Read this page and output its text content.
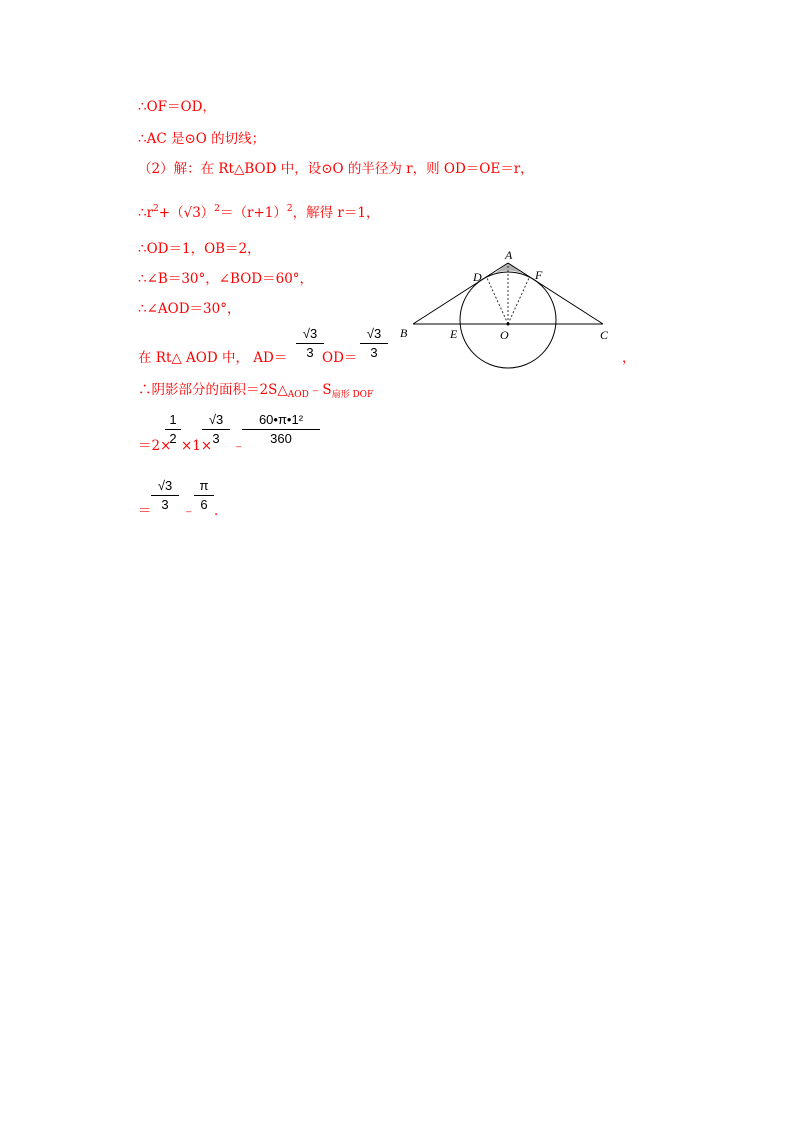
∴OF＝OD，
∴AC 是⊙O 的切线；
（2）解：在 Rt△BOD 中，设⊙O 的半径为 r，则 OD＝OE＝r，
$\therefore r^2+(√3)^2=(r+1)^2$，解得 r＝1，
∴OD＝1，OB＝2，
∴∠B＝30°，∠BOD＝60°，
∴∠AOD＝30°，
在 Rt△ AOD 中， AD＝
√3
3 OD＝
√3
3	，
∴阴影部分的面积$=2S\triangle_{AOD}﹣S_{扇形 DOF}$
＝2×
1
2 ×1×
√3
3 ﹣
60•π•1²
360
＝
√3
3 ﹣
π
6 ．
A
B	C
D
E
F
O
